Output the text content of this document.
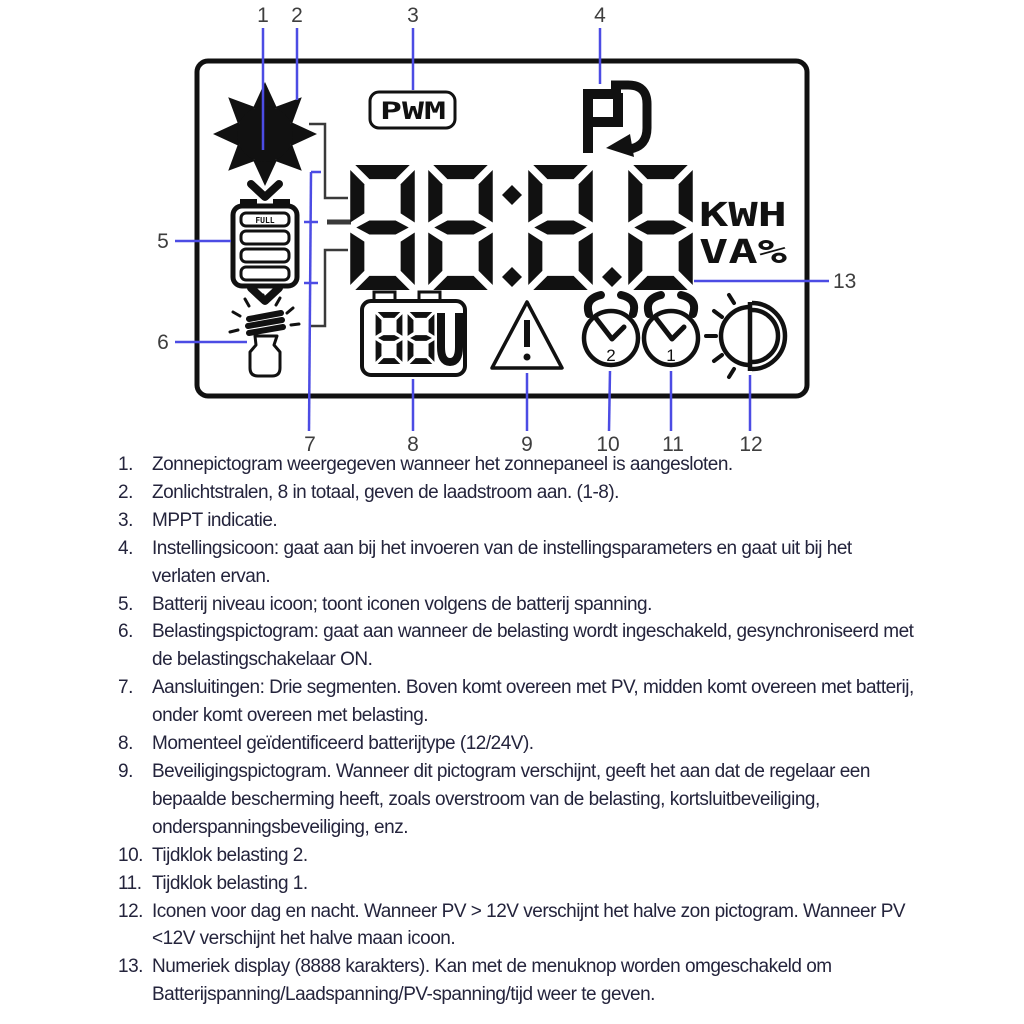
FULL
PWM
KWH
VA%
2	1
1 2	3	4
5
6
7	8	9	10 11	12
13
1.	Zonnepictogram weergegeven wanneer het zonnepaneel is aangesloten.
2.	Zonlichtstralen, 8 in totaal, geven de laadstroom aan. (1-8).
3.	MPPT indicatie.
4.	Instellingsicoon: gaat aan bij het invoeren van de instellingsparameters en gaat uit bij het verlaten ervan.
5.	Batterij niveau icoon; toont iconen volgens de batterij spanning.
6.	Belastingspictogram: gaat aan wanneer de belasting wordt ingeschakeld, gesynchroniseerd met de belastingschakelaar ON.
7.	Aansluitingen: Drie segmenten. Boven komt overeen met PV, midden komt overeen met batterij, onder komt overeen met belasting.
8.	Momenteel geïdentificeerd batterijtype (12/24V).
9.	Beveiligingspictogram. Wanneer dit pictogram verschijnt, geeft het aan dat de regelaar een bepaalde bescherming heeft, zoals overstroom van de belasting, kortsluitbeveiliging, onderspanningsbeveiliging, enz.
10. Tijdklok belasting 2.
11. Tijdklok belasting 1.
12. Iconen voor dag en nacht. Wanneer PV > 12V verschijnt het halve zon pictogram. Wanneer PV <12V verschijnt het halve maan icoon.
13. Numeriek display (8888 karakters). Kan met de menuknop worden omgeschakeld om Batterijspanning/Laadspanning/PV-spanning/tijd weer te geven.
